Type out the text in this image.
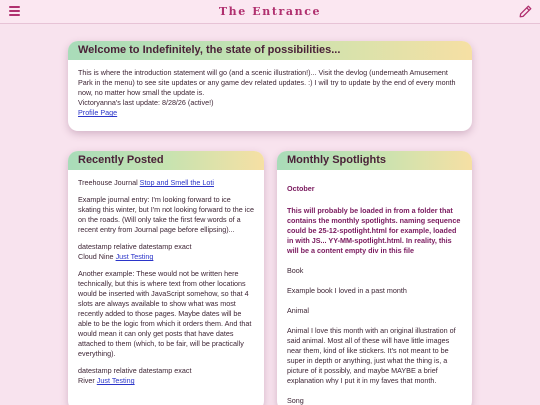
The Entrance
Welcome to Indefinitely, the state of possibilities...
This is where the introduction statement will go (and a scenic illustration!)... Visit the devlog (underneath Amusement Park in the menu) to see site updates or any game dev related updates. :) I will try to update by the end of every month now, no matter how small the update is.
Victoryanna's last update: 8/28/26 (active!)
Profile Page
Recently Posted

Treehouse Journal Stop and Smell the Loti

Example journal entry: I'm looking forward to ice skating this winter, but I'm not looking forward to the ice on the roads. (Will only take the first few words of a recent entry from Journal page before ellipsing)...

datestamp relative datestamp exact

Cloud Nine Just Testing

Another example: These would not be written here technically, but this is where text from other locations would be inserted with JavaScript somehow, so that 4 slots are always available to show what was most recently added to those pages. Maybe dates will be able to be the logic from which it orders them. And that would mean it can only get posts that have dates attached to them (which, to be fair, will be practically everything).

datestamp relative datestamp exact

River Just Testing

Monthly Spotlights
October
This will probably be loaded in from a folder that contains the monthly spotlights. naming sequence could be 25-12-spotlight.html for example, loaded in with JS... YY-MM-spotlight.html. In reality, this will be a content empty div in this file
Book
Example book I loved in a past month
Animal
Animal I love this month with an original illustration of said animal. Most all of these will have little images near them, kind of like stickers. It's not meant to be super in depth or anything, just what the thing is, a picture of it possibly, and maybe MAYBE a brief explanation why I put it in my faves that month.
Song
